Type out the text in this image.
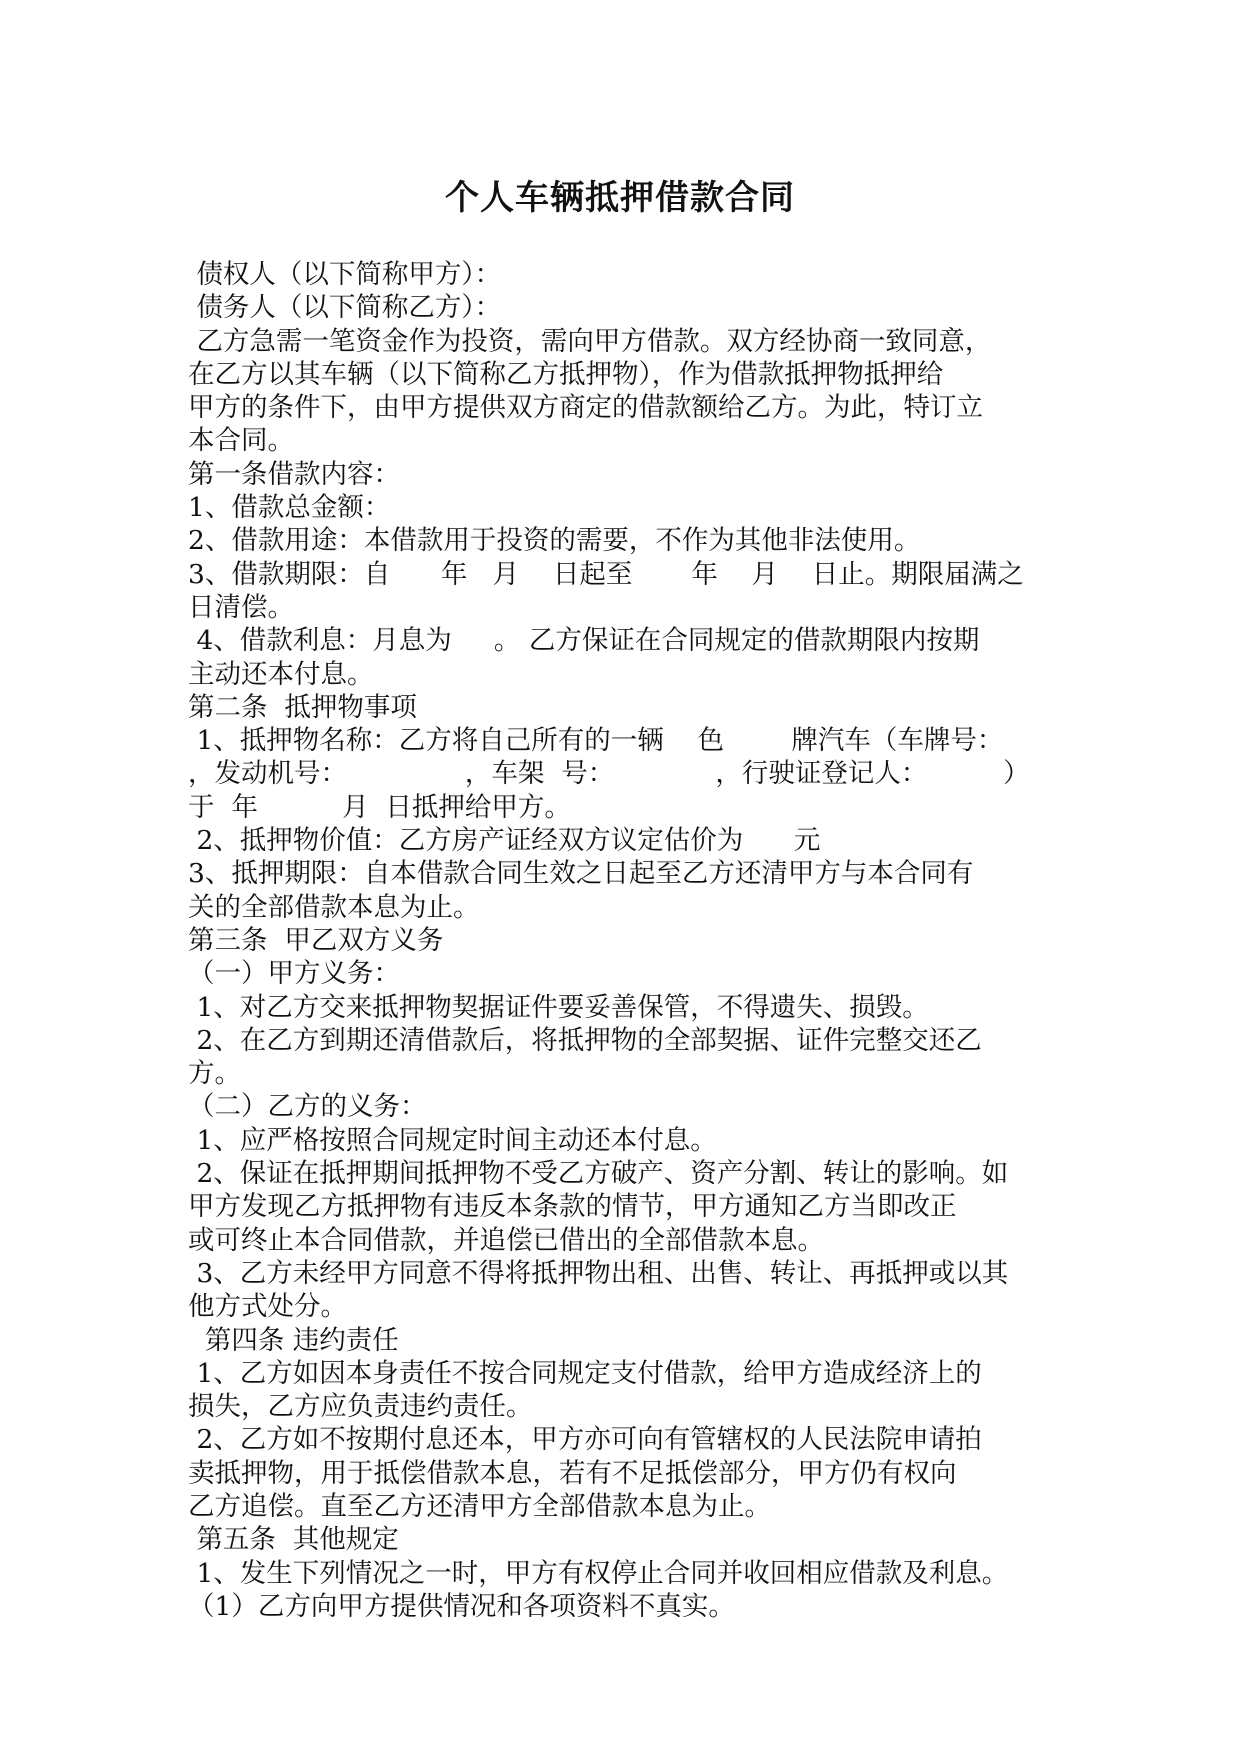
个人车辆抵押借款合同

债权人（以下简称甲方）：

债务人（以下简称乙方）：

乙方急需一笔资金作为投资，需向甲方借款。双方经协商一致同意，

在乙方以其车辆（以下简称乙方抵押物），作为借款抵押物抵押给

甲方的条件下，由甲方提供双方商定的借款额给乙方。为此，特订立

本合同。

第一条借款内容：

1、借款总金额：

2、借款用途：本借款用于投资的需要，不作为其他非法使用。

3、借款期限：自      年   月    日起至       年    月    日止。期限届满之

日清偿。

4、借款利息：月息为     。 乙方保证在合同规定的借款期限内按期

主动还本付息。

第二条  抵押物事项

1、抵押物名称：乙方将自己所有的一辆    色        牌汽车（车牌号：

，发动机号：              ，车架  号：            ，行驶证登记人：         ）

于  年          月  日抵押给甲方。

2、抵押物价值：乙方房产证经双方议定估价为      元

3、抵押期限：自本借款合同生效之日起至乙方还清甲方与本合同有

关的全部借款本息为止。

第三条  甲乙双方义务

（一）甲方义务：

1、对乙方交来抵押物契据证件要妥善保管，不得遗失、损毁。

2、在乙方到期还清借款后，将抵押物的全部契据、证件完整交还乙

方。

（二）乙方的义务：

1、应严格按照合同规定时间主动还本付息。

2、保证在抵押期间抵押物不受乙方破产、资产分割、转让的影响。如

甲方发现乙方抵押物有违反本条款的情节，甲方通知乙方当即改正

或可终止本合同借款，并追偿已借出的全部借款本息。

3、乙方未经甲方同意不得将抵押物出租、出售、转让、再抵押或以其

他方式处分。

第四条 违约责任

1、乙方如因本身责任不按合同规定支付借款，给甲方造成经济上的

损失，乙方应负责违约责任。

2、乙方如不按期付息还本，甲方亦可向有管辖权的人民法院申请拍

卖抵押物，用于抵偿借款本息，若有不足抵偿部分，甲方仍有权向

乙方追偿。直至乙方还清甲方全部借款本息为止。

第五条  其他规定

1、发生下列情况之一时，甲方有权停止合同并收回相应借款及利息。

（1）乙方向甲方提供情况和各项资料不真实。
